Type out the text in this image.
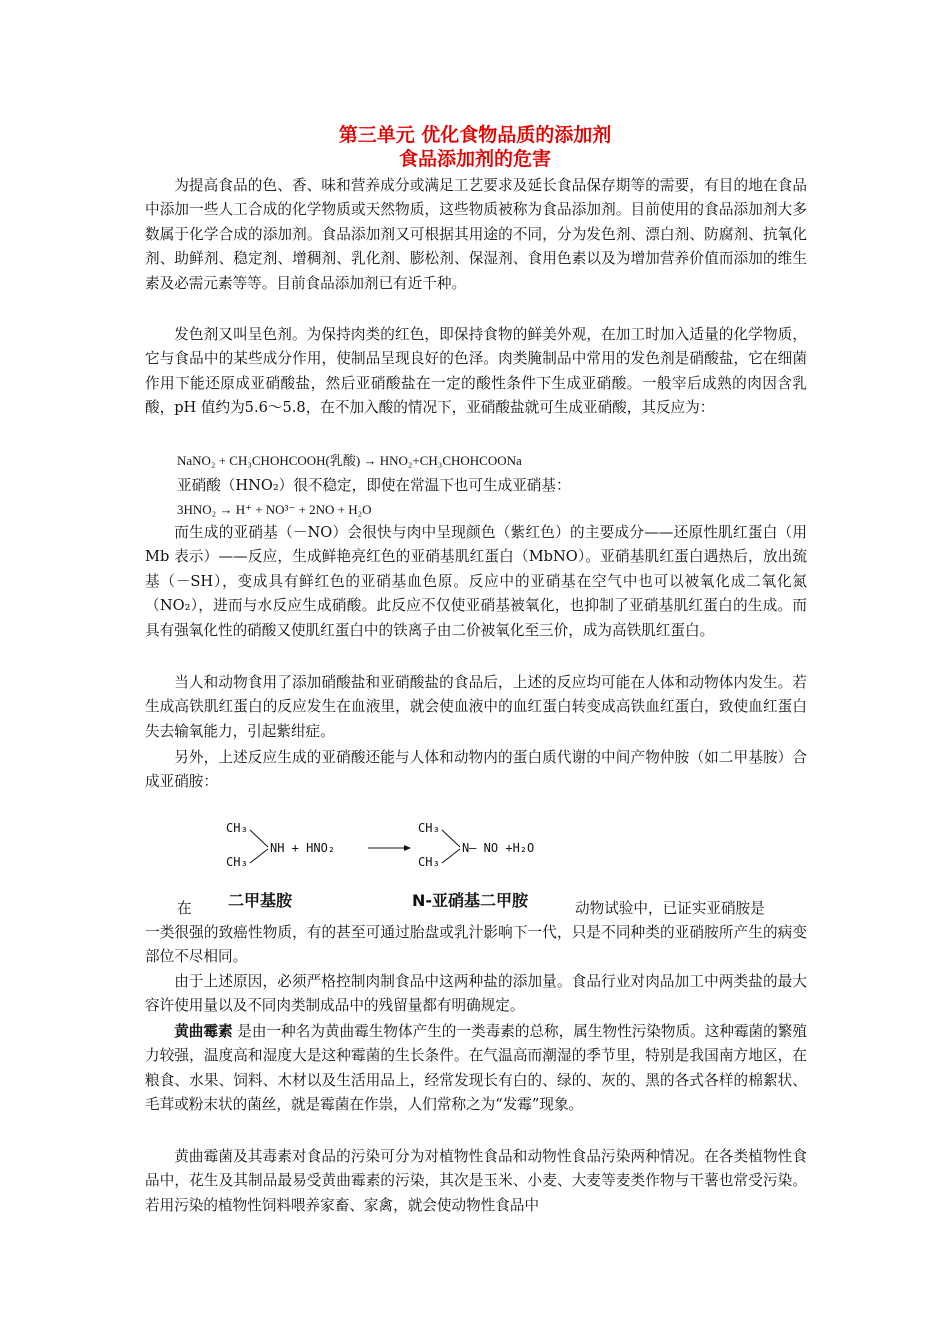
第三单元 优化食物品质的添加剂
食品添加剂的危害

为提高食品的色、香、味和营养成分或满足工艺要求及延长食品保存期等的需要，有目的地在食品中添加一些人工合成的化学物质或天然物质，这些物质被称为食品添加剂。目前使用的食品添加剂大多数属于化学合成的添加剂。食品添加剂又可根据其用途的不同，分为发色剂、漂白剂、防腐剂、抗氧化剂、助鲜剂、稳定剂、增稠剂、乳化剂、膨松剂、保湿剂、食用色素以及为增加营养价值而添加的维生素及必需元素等等。目前食品添加剂已有近千种。

发色剂又叫呈色剂。为保持肉类的红色，即保持食物的鲜美外观，在加工时加入适量的化学物质，它与食品中的某些成分作用，使制品呈现良好的色泽。肉类腌制品中常用的发色剂是硝酸盐，它在细菌作用下能还原成亚硝酸盐，然后亚硝酸盐在一定的酸性条件下生成亚硝酸。一般宰后成熟的肉因含乳酸，pH 值约为5.6～5.8，在不加入酸的情况下，亚硝酸盐就可生成亚硝酸，其反应为：

NaNO₂ + CH₃CHOHCOOH(乳酸) → HNO₂+CH₃CHOHCOONa

亚硝酸（HNO₂）很不稳定，即使在常温下也可生成亚硝基：

3HNO₂ → H⁺ + NO³⁻ + 2NO + H₂O

而生成的亚硝基（－NO）会很快与肉中呈现颜色（紫红色）的主要成分——还原性肌红蛋白（用Mb 表示）——反应，生成鲜艳亮红色的亚硝基肌红蛋白（MbNO）。亚硝基肌红蛋白遇热后，放出巯基（－SH），变成具有鲜红色的亚硝基血色原。反应中的亚硝基在空气中也可以被氧化成二氧化氮（NO₂），进而与水反应生成硝酸。此反应不仅使亚硝基被氧化，也抑制了亚硝基肌红蛋白的生成。而具有强氧化性的硝酸又使肌红蛋白中的铁离子由二价被氧化至三价，成为高铁肌红蛋白。

当人和动物食用了添加硝酸盐和亚硝酸盐的食品后，上述的反应均可能在人体和动物体内发生。若生成高铁肌红蛋白的反应发生在血液里，就会使血液中的血红蛋白转变成高铁血红蛋白，致使血红蛋白失去输氧能力，引起紫绀症。

另外，上述反应生成的亚硝酸还能与人体和动物内的蛋白质代谢的中间产物仲胺（如二甲基胺）合成亚硝胺：

CH₃
CH₃
NH + HNO₂
CH₃
CH₃
N— NO +H₂O
二甲基胺	N-亚硝基二甲胺

在	动物试验中，已证实亚硝胺是

一类很强的致癌性物质，有的甚至可通过胎盘或乳汁影响下一代，只是不同种类的亚硝胺所产生的病变部位不尽相同。

由于上述原因，必须严格控制肉制食品中这两种盐的添加量。食品行业对肉品加工中两类盐的最大容许使用量以及不同肉类制成品中的残留量都有明确规定。

黄曲霉素 是由一种名为黄曲霉生物体产生的一类毒素的总称，属生物性污染物质。这种霉菌的繁殖力较强，温度高和湿度大是这种霉菌的生长条件。在气温高而潮湿的季节里，特别是我国南方地区，在粮食、水果、饲料、木材以及生活用品上，经常发现长有白的、绿的、灰的、黑的各式各样的棉絮状、毛茸或粉末状的菌丝，就是霉菌在作祟，人们常称之为“发霉”现象。

黄曲霉菌及其毒素对食品的污染可分为对植物性食品和动物性食品污染两种情况。在各类植物性食品中，花生及其制品最易受黄曲霉素的污染，其次是玉米、小麦、大麦等麦类作物与干薯也常受污染。若用污染的植物性饲料喂养家畜、家禽，就会使动物性食品中
